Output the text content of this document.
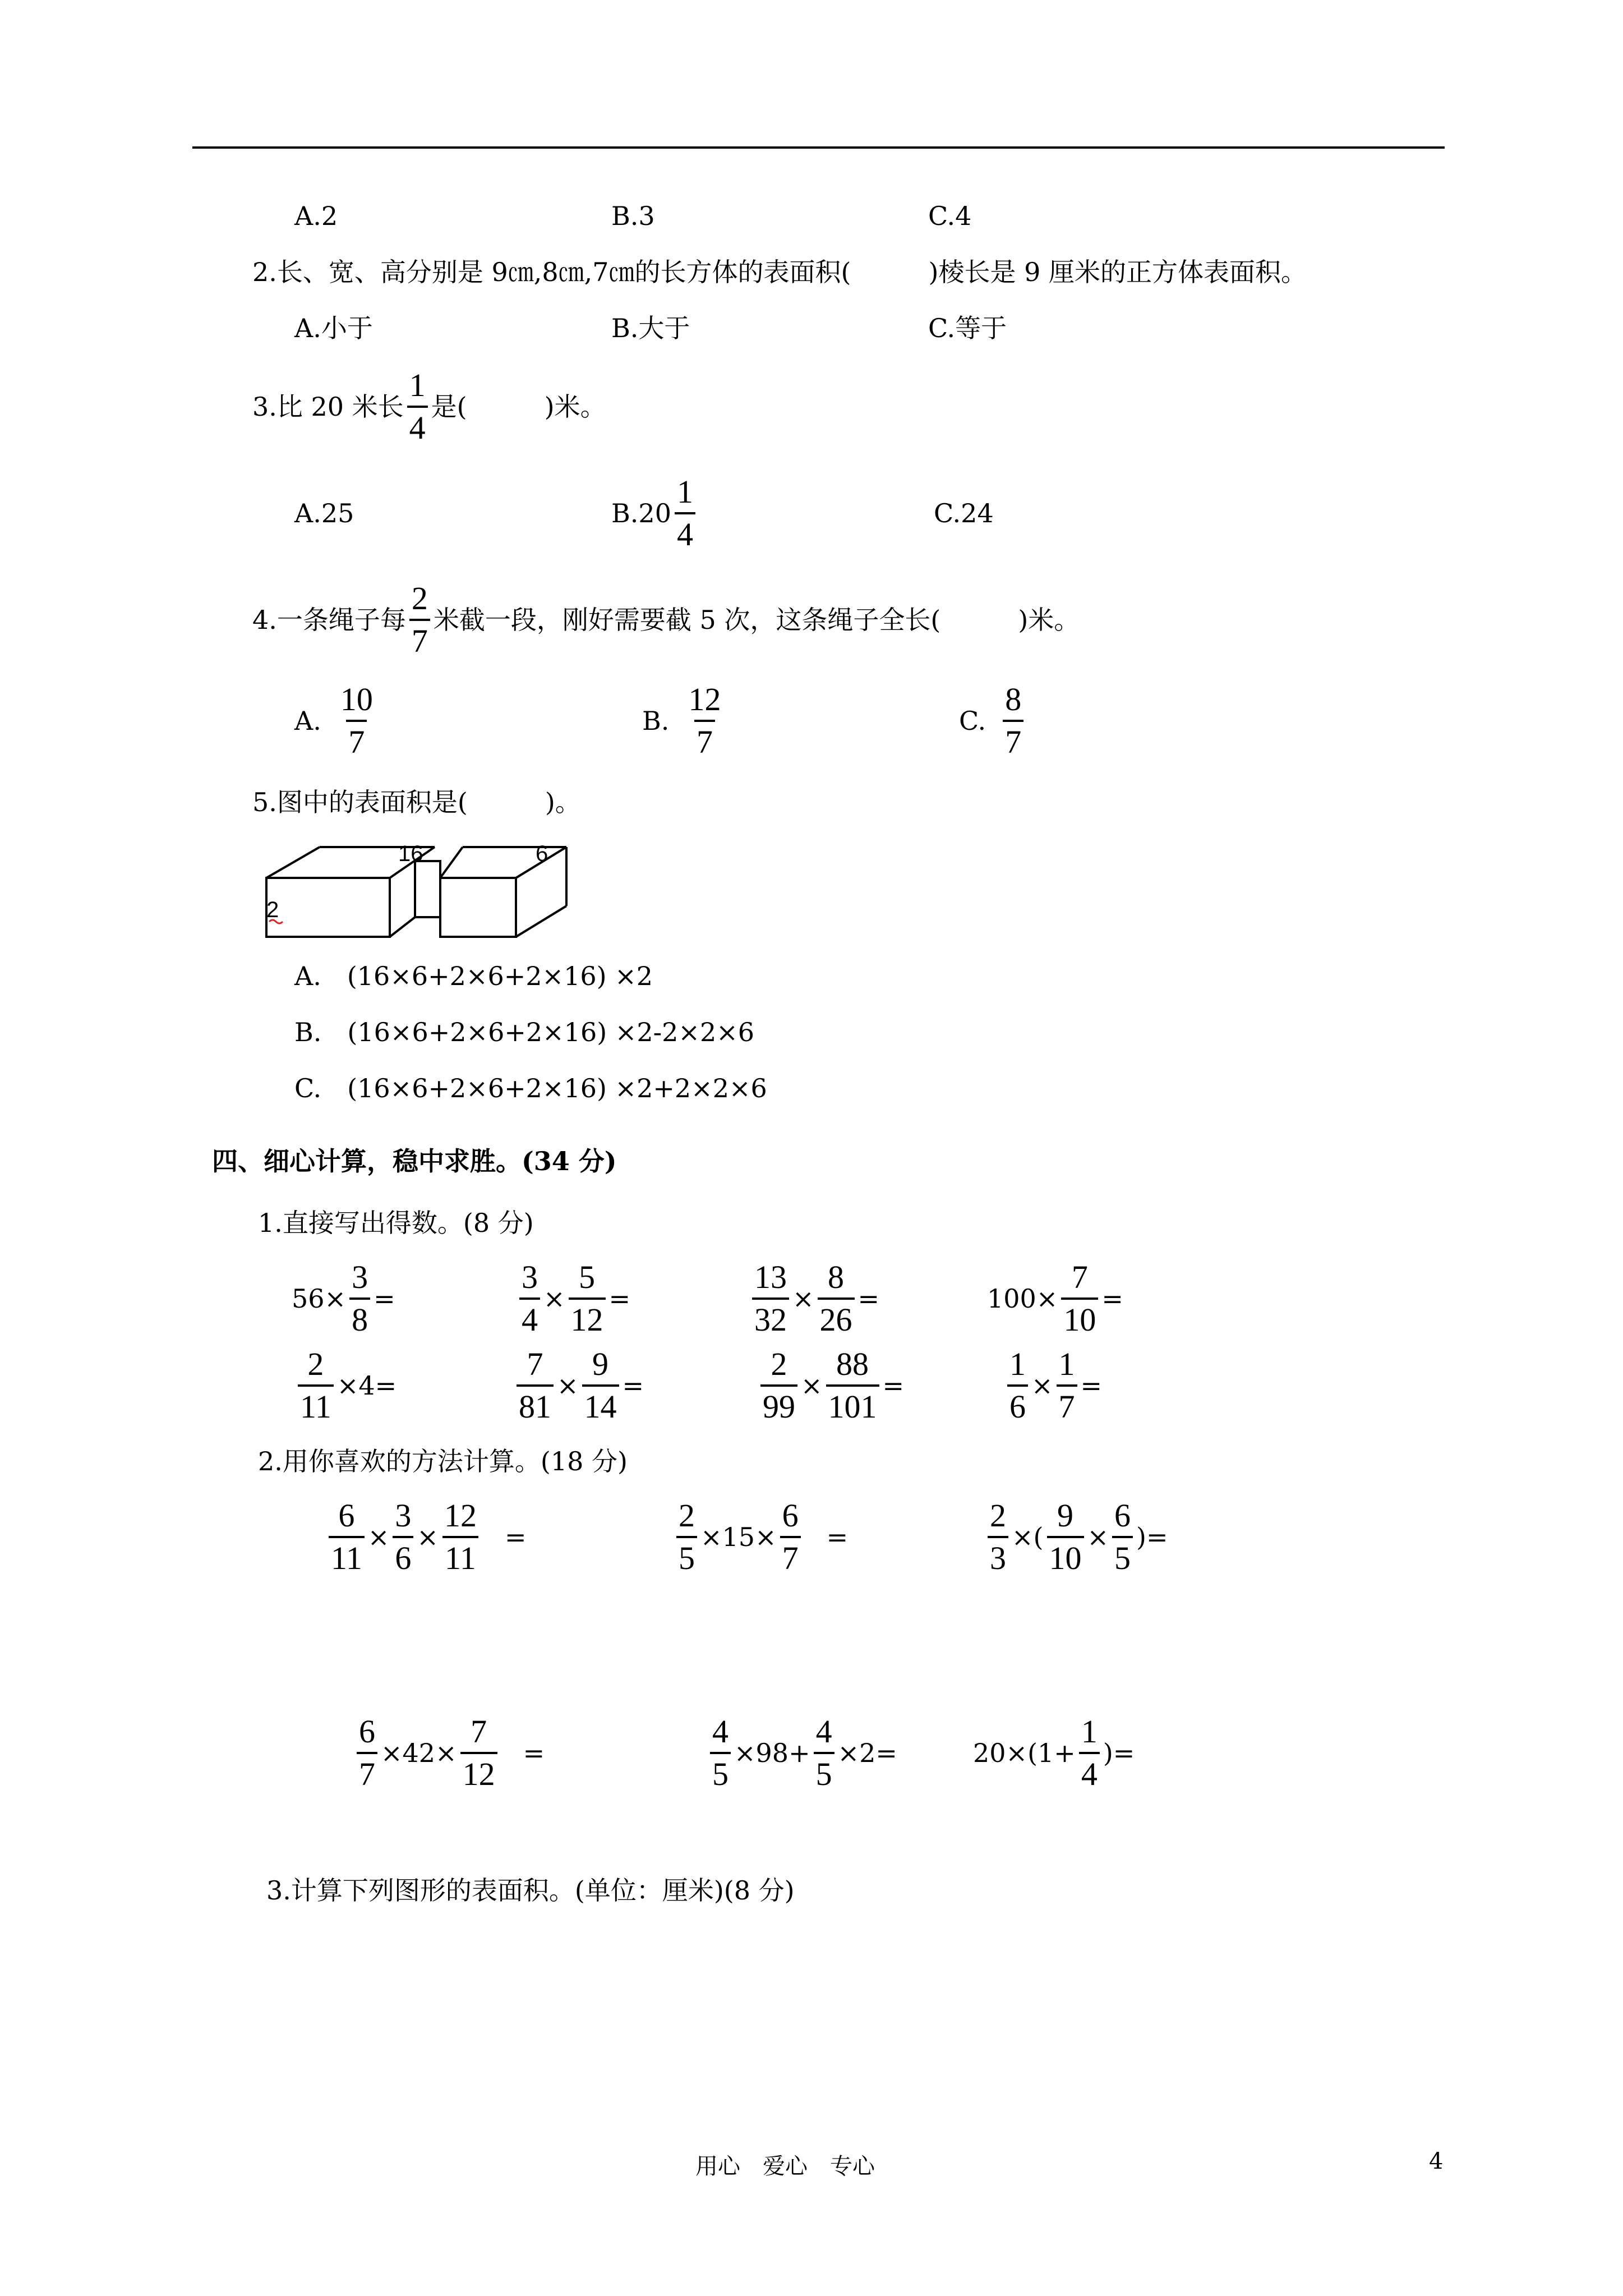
A.2	B.3	C.4
2.长、宽、高分别是 9㎝,8㎝,7㎝的长方体的表面积(　　　)棱长是 9 厘米的正方体表面积。
A.小于	B.大于	C.等于
3.比 20 米长 $\frac{1}{4}$ 是(　　　)米。
A.25	$B.20 \frac{1}{4}$	C.24
4.一条绳子每 $\frac{2}{7}$ 米截一段，刚好需要截 5 次，这条绳子全长(　　　)米。
A. $\frac{10}{7}$	B. $\frac{12}{7}$	C. $\frac{8}{7}$
5.图中的表面积是(　　　)。
16	6
2
A.　(16×6+2×6+2×16) ×2
B.　(16×6+2×6+2×16) ×2-2×2×6
C.　(16×6+2×6+2×16) ×2+2×2×6
四、细心计算，稳中求胜。(34 分)
1.直接写出得数。(8 分)
$56\times \frac{3}{8}$ =	$\frac{3}{4} \times \frac{5}{12}$ =	$\frac{13}{32} \times \frac{8}{26}$ =	$100\times \frac{7}{10}$ =
$\frac{2}{11} \times 4=$	$\frac{7}{81} \times \frac{9}{14}$ =	$\frac{2}{99} \times \frac{88}{101}$ =	$\frac{1}{6} \times \frac{1}{7}$ =
2.用你喜欢的方法计算。(18 分)
$\frac{6}{11} \times \frac{3}{6} \times \frac{12}{11}$ =	$\frac{2}{5} \times 15\times \frac{6}{7}$ =	$\frac{2}{3}$ ×( $\frac{9}{10} \times \frac{6}{5}$ )=
$\frac{6}{7} \times 42\times \frac{7}{12}$ =	$\frac{4}{5} \times 98+ \frac{4}{5} \times 2=$	$20\times(1+ \frac{1}{4}$ )=
3.计算下列图形的表面积。(单位：厘米)(8 分)
用心　爱心　专心	4
